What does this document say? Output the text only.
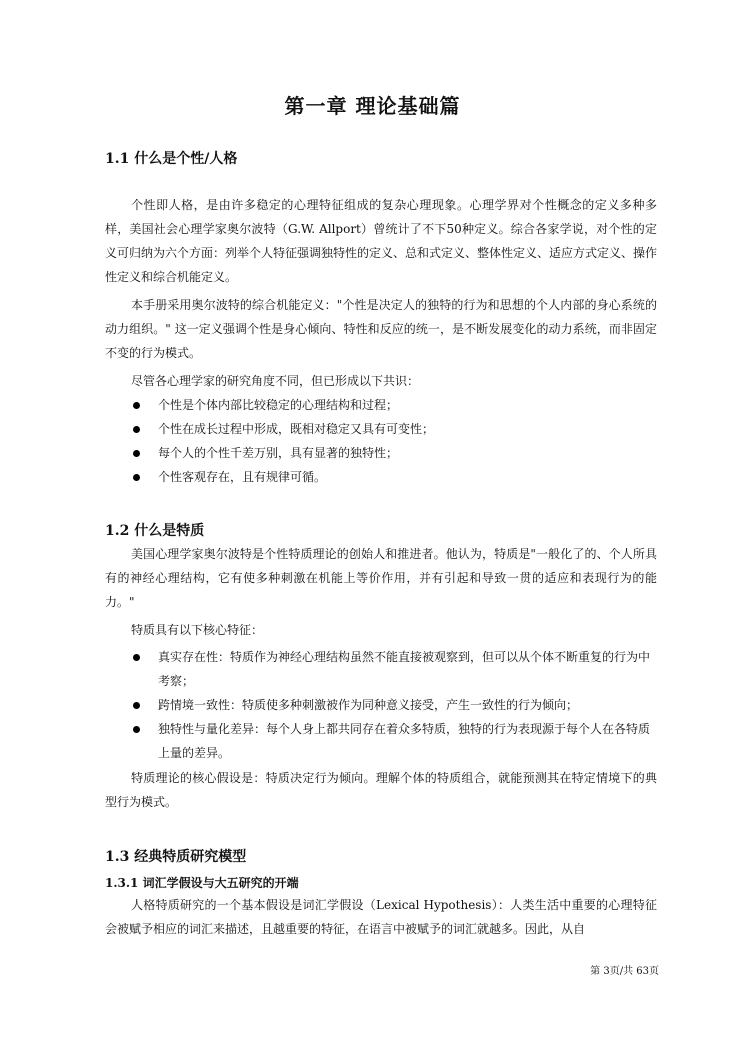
第一章 理论基础篇
1.1 什么是个性/人格

个性即人格，是由许多稳定的心理特征组成的复杂心理现象。心理学界对个性概念的定义多种多样，美国社会心理学家奥尔波特（G.W. Allport）曾统计了不下50种定义。综合各家学说，对个性的定义可归纳为六个方面：列举个人特征强调独特性的定义、总和式定义、整体性定义、适应方式定义、操作性定义和综合机能定义。

本手册采用奥尔波特的综合机能定义："个性是决定人的独特的行为和思想的个人内部的身心系统的动力组织。" 这一定义强调个性是身心倾向、特性和反应的统一，是不断发展变化的动力系统，而非固定不变的行为模式。

尽管各心理学家的研究角度不同，但已形成以下共识：

个性是个体内部比较稳定的心理结构和过程；
个性在成长过程中形成，既相对稳定又具有可变性；
每个人的个性千差万别，具有显著的独特性；
个性客观存在，且有规律可循。
1.2 什么是特质

美国心理学家奥尔波特是个性特质理论的创始人和推进者。他认为，特质是"一般化了的、个人所具有的神经心理结构，它有使多种刺激在机能上等价作用，并有引起和导致一贯的适应和表现行为的能力。"

特质具有以下核心特征：

真实存在性：特质作为神经心理结构虽然不能直接被观察到，但可以从个体不断重复的行为中考察；
跨情境一致性：特质使多种刺激被作为同种意义接受，产生一致性的行为倾向；
独特性与量化差异：每个人身上都共同存在着众多特质，独特的行为表现源于每个人在各特质上量的差异。

特质理论的核心假设是：特质决定行为倾向。理解个体的特质组合，就能预测其在特定情境下的典型行为模式。

1.3 经典特质研究模型
1.3.1 词汇学假设与大五研究的开端

人格特质研究的一个基本假设是词汇学假设（Lexical Hypothesis）：人类生活中重要的心理特征会被赋予相应的词汇来描述，且越重要的特征，在语言中被赋予的词汇就越多。因此，从自

第 3页/共 63页
